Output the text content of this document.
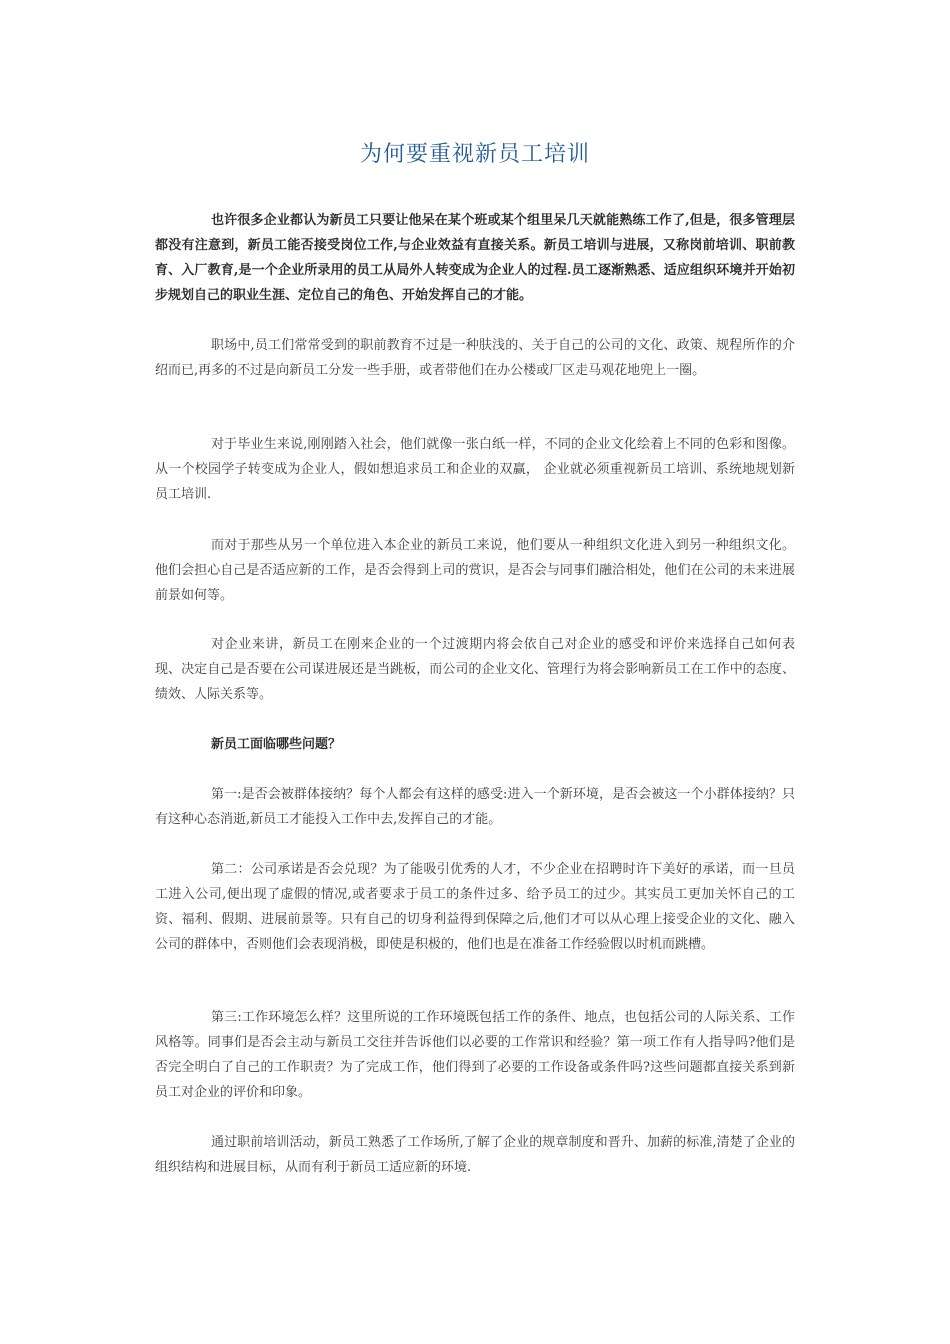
为何要重视新员工培训

也许很多企业都认为新员工只要让他呆在某个班或某个组里呆几天就能熟练工作了,但是，很多管理层都没有注意到，新员工能否接受岗位工作,与企业效益有直接关系。新员工培训与进展，又称岗前培训、职前教育、入厂教育,是一个企业所录用的员工从局外人转变成为企业人的过程.员工逐渐熟悉、适应组织环境并开始初步规划自己的职业生涯、定位自己的角色、开始发挥自己的才能。

职场中,员工们常常受到的职前教育不过是一种肤浅的、关于自己的公司的文化、政策、规程所作的介绍而已,再多的不过是向新员工分发一些手册，或者带他们在办公楼或厂区走马观花地兜上一圈。

对于毕业生来说,刚刚踏入社会，他们就像一张白纸一样，不同的企业文化绘着上不同的色彩和图像。从一个校园学子转变成为企业人，假如想追求员工和企业的双赢， 企业就必须重视新员工培训、系统地规划新员工培训.

而对于那些从另一个单位进入本企业的新员工来说，他们要从一种组织文化进入到另一种组织文化。他们会担心自己是否适应新的工作，是否会得到上司的赏识，是否会与同事们融洽相处，他们在公司的未来进展前景如何等。

对企业来讲，新员工在刚来企业的一个过渡期内将会依自己对企业的感受和评价来选择自己如何表现、决定自己是否要在公司谋进展还是当跳板，而公司的企业文化、管理行为将会影响新员工在工作中的态度、绩效、人际关系等。

新员工面临哪些问题？

第一:是否会被群体接纳？每个人都会有这样的感受:进入一个新环境，是否会被这一个小群体接纳？只有这种心态消逝,新员工才能投入工作中去,发挥自己的才能。

第二：公司承诺是否会兑现？为了能吸引优秀的人才，不少企业在招聘时许下美好的承诺，而一旦员工进入公司,便出现了虚假的情况,或者要求于员工的条件过多、给予员工的过少。其实员工更加关怀自己的工资、福利、假期、进展前景等。只有自己的切身利益得到保障之后,他们才可以从心理上接受企业的文化、融入公司的群体中，否则他们会表现消极，即使是积极的，他们也是在准备工作经验假以时机而跳槽。

第三:工作环境怎么样？这里所说的工作环境既包括工作的条件、地点，也包括公司的人际关系、工作风格等。同事们是否会主动与新员工交往并告诉他们以必要的工作常识和经验？第一项工作有人指导吗?他们是否完全明白了自己的工作职责？为了完成工作，他们得到了必要的工作设备或条件吗?这些问题都直接关系到新员工对企业的评价和印象。

通过职前培训活动，新员工熟悉了工作场所,了解了企业的规章制度和晋升、加薪的标准,清楚了企业的组织结构和进展目标，从而有利于新员工适应新的环境.
